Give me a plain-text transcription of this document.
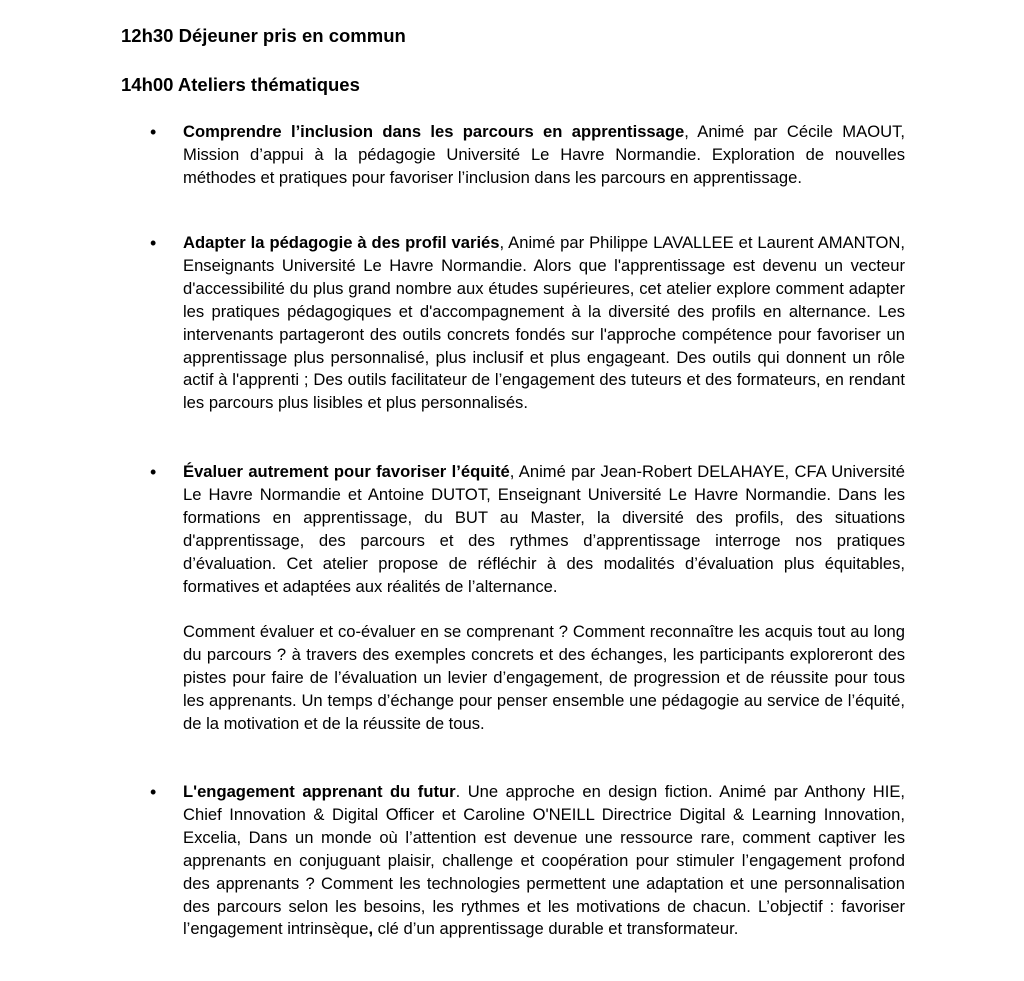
12h30 Déjeuner pris en commun
14h00 Ateliers thématiques
• Comprendre l’inclusion dans les parcours en apprentissage, Animé par Cécile MAOUT, Mission d’appui à la pédagogie Université Le Havre Normandie. Exploration de nouvelles méthodes et pratiques pour favoriser l’inclusion dans les parcours en apprentissage.

• Adapter la pédagogie à des profil variés, Animé par Philippe LAVALLEE et Laurent AMANTON, Enseignants Université Le Havre Normandie. Alors que l'apprentissage est devenu un vecteur d'accessibilité du plus grand nombre aux études supérieures, cet atelier explore comment adapter les pratiques pédagogiques et d'accompagnement à la diversité des profils en alternance. Les intervenants partageront des outils concrets fondés sur l'approche compétence pour favoriser un apprentissage plus personnalisé, plus inclusif et plus engageant. Des outils qui donnent un rôle actif à l'apprenti ; Des outils facilitateur de l’engagement des tuteurs et des formateurs, en rendant les parcours plus lisibles et plus personnalisés.

• Évaluer autrement pour favoriser l’équité, Animé par Jean-Robert DELAHAYE, CFA Université Le Havre Normandie et Antoine DUTOT, Enseignant Université Le Havre Normandie. Dans les formations en apprentissage, du BUT au Master, la diversité des profils, des situations d'apprentissage, des parcours et des rythmes d’apprentissage interroge nos pratiques d’évaluation. Cet atelier propose de réfléchir à des modalités d’évaluation plus équitables, formatives et adaptées aux réalités de l’alternance.

Comment évaluer et co-évaluer en se comprenant ? Comment reconnaître les acquis tout au long du parcours ? à travers des exemples concrets et des échanges, les participants exploreront des pistes pour faire de l’évaluation un levier d’engagement, de progression et de réussite pour tous les apprenants. Un temps d’échange pour penser ensemble une pédagogie au service de l’équité, de la motivation et de la réussite de tous.

• L'engagement apprenant du futur. Une approche en design fiction. Animé par Anthony HIE, Chief Innovation & Digital Officer et Caroline O'NEILL Directrice Digital & Learning Innovation, Excelia, Dans un monde où l’attention est devenue une ressource rare, comment captiver les apprenants en conjuguant plaisir, challenge et coopération pour stimuler l’engagement profond des apprenants ? Comment les technologies permettent une adaptation et une personnalisation des parcours selon les besoins, les rythmes et les motivations de chacun. L’objectif : favoriser l’engagement intrinsèque, clé d’un apprentissage durable et transformateur.
